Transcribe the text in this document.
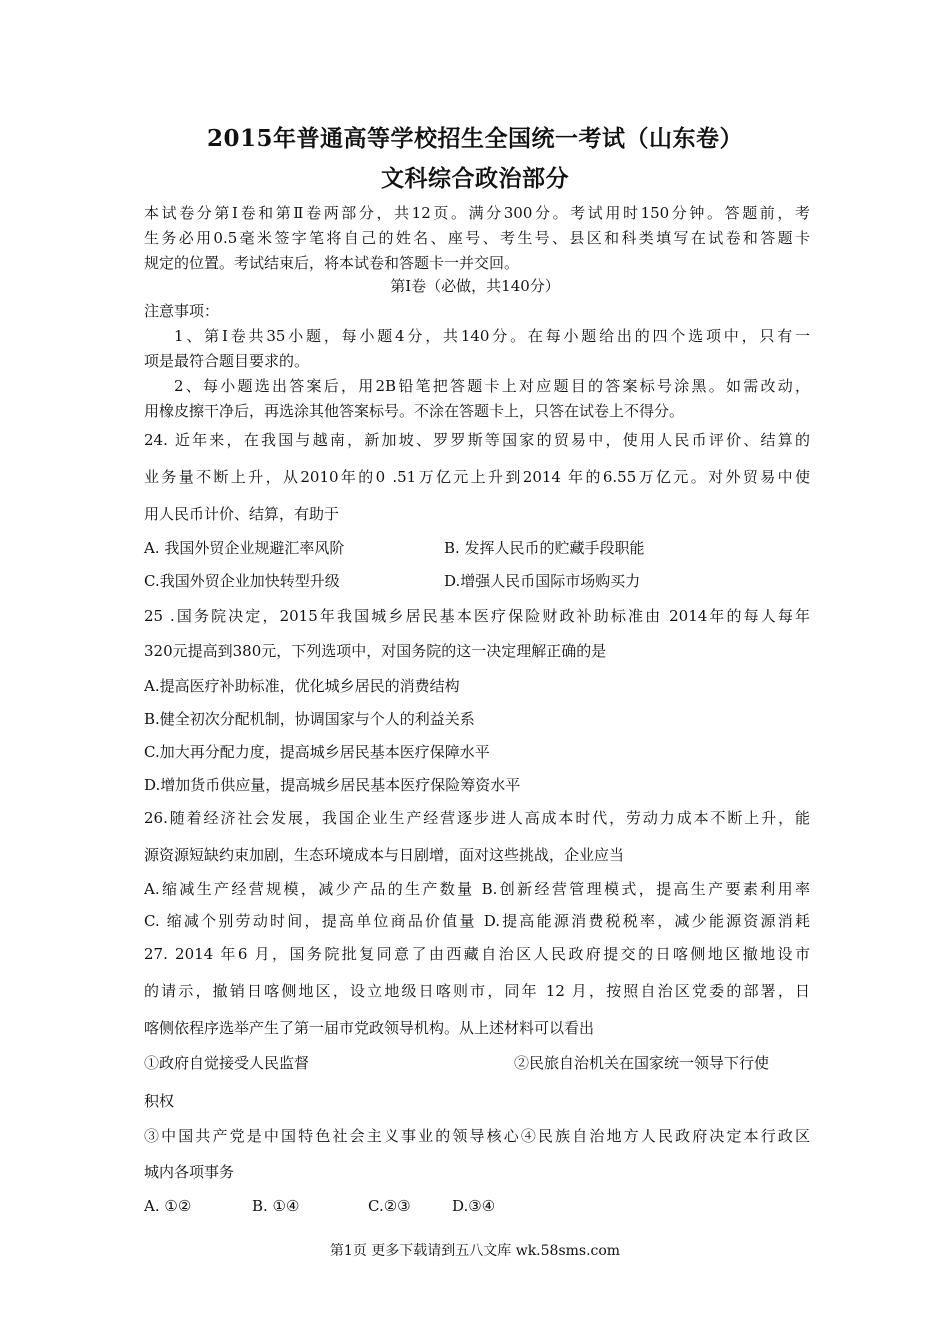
2015年普通高等学校招生全国统一考试（山东卷）
文科综合政治部分
本试卷分第Ⅰ卷和第Ⅱ卷两部分，共12页。满分300分。考试用时150分钟。答题前，考
生务必用0.5毫米签字笔将自己的姓名、座号、考生号、县区和科类填写在试卷和答题卡
规定的位置。考试结束后，将本试卷和答题卡一并交回。
第Ⅰ卷（必做，共140分）
注意事项：
1、第Ⅰ卷共35小题，每小题4分，共140分。在每小题给出的四个选项中，只有一
项是最符合题目要求的。
2、每小题选出答案后，用2B铅笔把答题卡上对应题目的答案标号涂黑。如需改动，
用橡皮擦干净后，再选涂其他答案标号。不涂在答题卡上，只答在试卷上不得分。
24. 近年来，在我国与越南，新加坡、罗罗斯等国家的贸易中，使用人民币评价、结算的
业务量不断上升，从2010年的0 .51万亿元上升到2014 年的6.55万亿元。对外贸易中使
用人民币计价、结算，有助于
A. 我国外贸企业规避汇率风阶	B. 发挥人民币的贮藏手段职能
C.我国外贸企业加快转型升级	D.增强人民币国际市场购买力
25 .国务院决定，2015年我国城乡居民基本医疗保险财政补助标准由 2014年的每人每年
320元提高到380元，下列选项中，对国务院的这一决定理解正确的是
A.提高医疗补助标准，优化城乡居民的消费结构
B.健全初次分配机制，协调国家与个人的利益关系
C.加大再分配力度，提高城乡居民基本医疗保障水平
D.增加货币供应量，提高城乡居民基本医疗保险筹资水平
26.随着经济社会发展，我国企业生产经营逐步进人高成本时代，劳动力成本不断上升，能
源资源短缺约束加剧，生态环境成本与日剧增，面对这些挑战，企业应当
A.缩减生产经营规模，减少产品的生产数量 B.创新经营管理模式，提高生产要素利用率
C. 缩减个别劳动时间，提高单位商品价值量 D.提高能源消费税税率，减少能源资源消耗
27. 2014 年6 月，国务院批复同意了由西藏自治区人民政府提交的日喀侧地区撤地设市
的请示，撤销日喀侧地区，设立地级日喀则市，同年 12 月，按照自治区党委的部署，日
喀侧依程序选举产生了第一届市党政领导机构。从上述材料可以看出
①政府自觉接受人民监督	②民旅自治机关在国家统一领导下行使
积权
③中国共产党是中国特色社会主义事业的领导核心④民族自治地方人民政府决定本行政区
城内各项事务
A. ①②	B. ①④	C.②③	D.③④
第1页 更多下载请到五八文库 wk.58sms.com
